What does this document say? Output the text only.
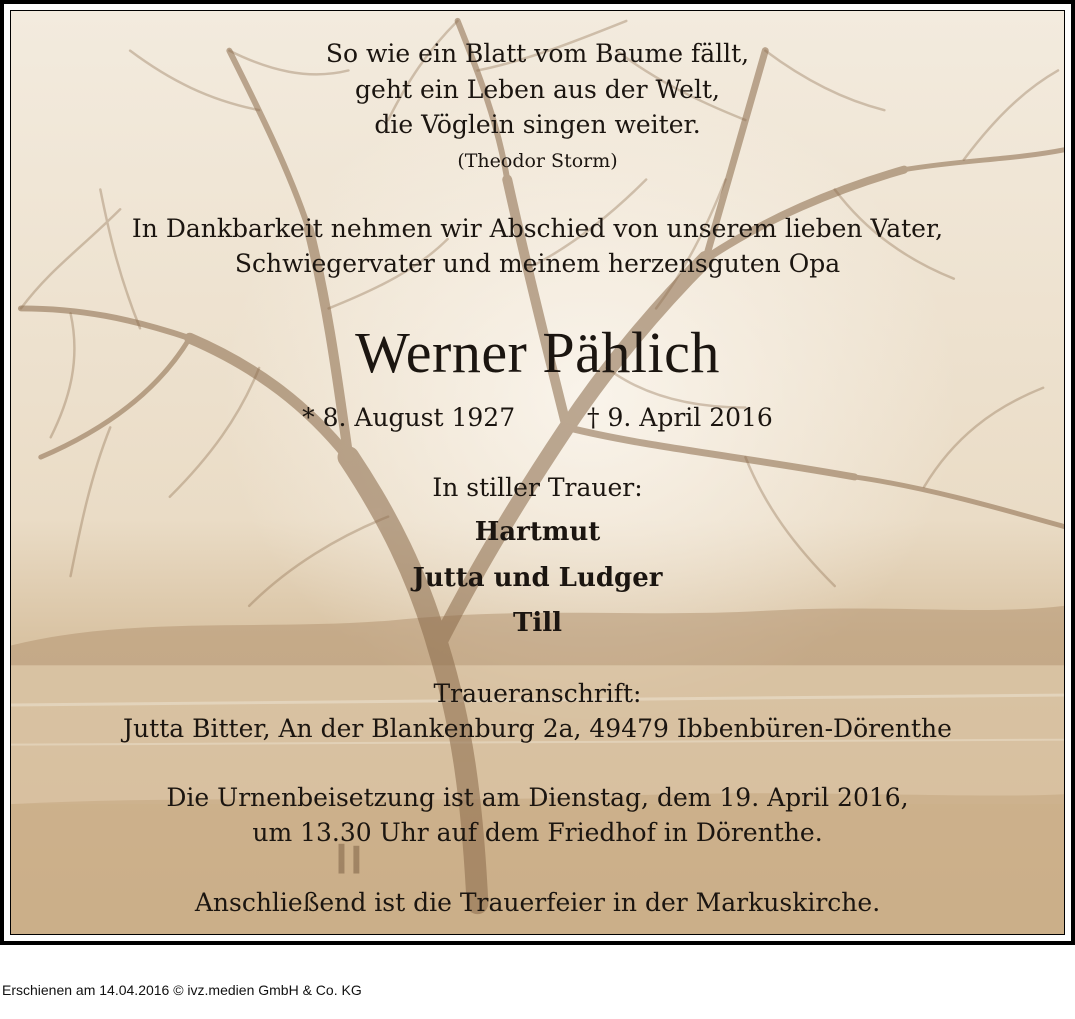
So wie ein Blatt vom Baume fällt,
geht ein Leben aus der Welt,
die Vöglein singen weiter.
(Theodor Storm)
In Dankbarkeit nehmen wir Abschied von unserem lieben Vater,
Schwiegervater und meinem herzensguten Opa
Werner Pählich
* 8. August 1927	† 9. April 2016
In stiller Trauer:
Hartmut
Jutta und Ludger
Till
Traueranschrift:
Jutta Bitter, An der Blankenburg 2a, 49479 Ibbenbüren-Dörenthe
Die Urnenbeisetzung ist am Dienstag, dem 19. April 2016,
um 13.30 Uhr auf dem Friedhof in Dörenthe.
Anschließend ist die Trauerfeier in der Markuskirche.
Erschienen am 14.04.2016 © ivz.medien GmbH & Co. KG
